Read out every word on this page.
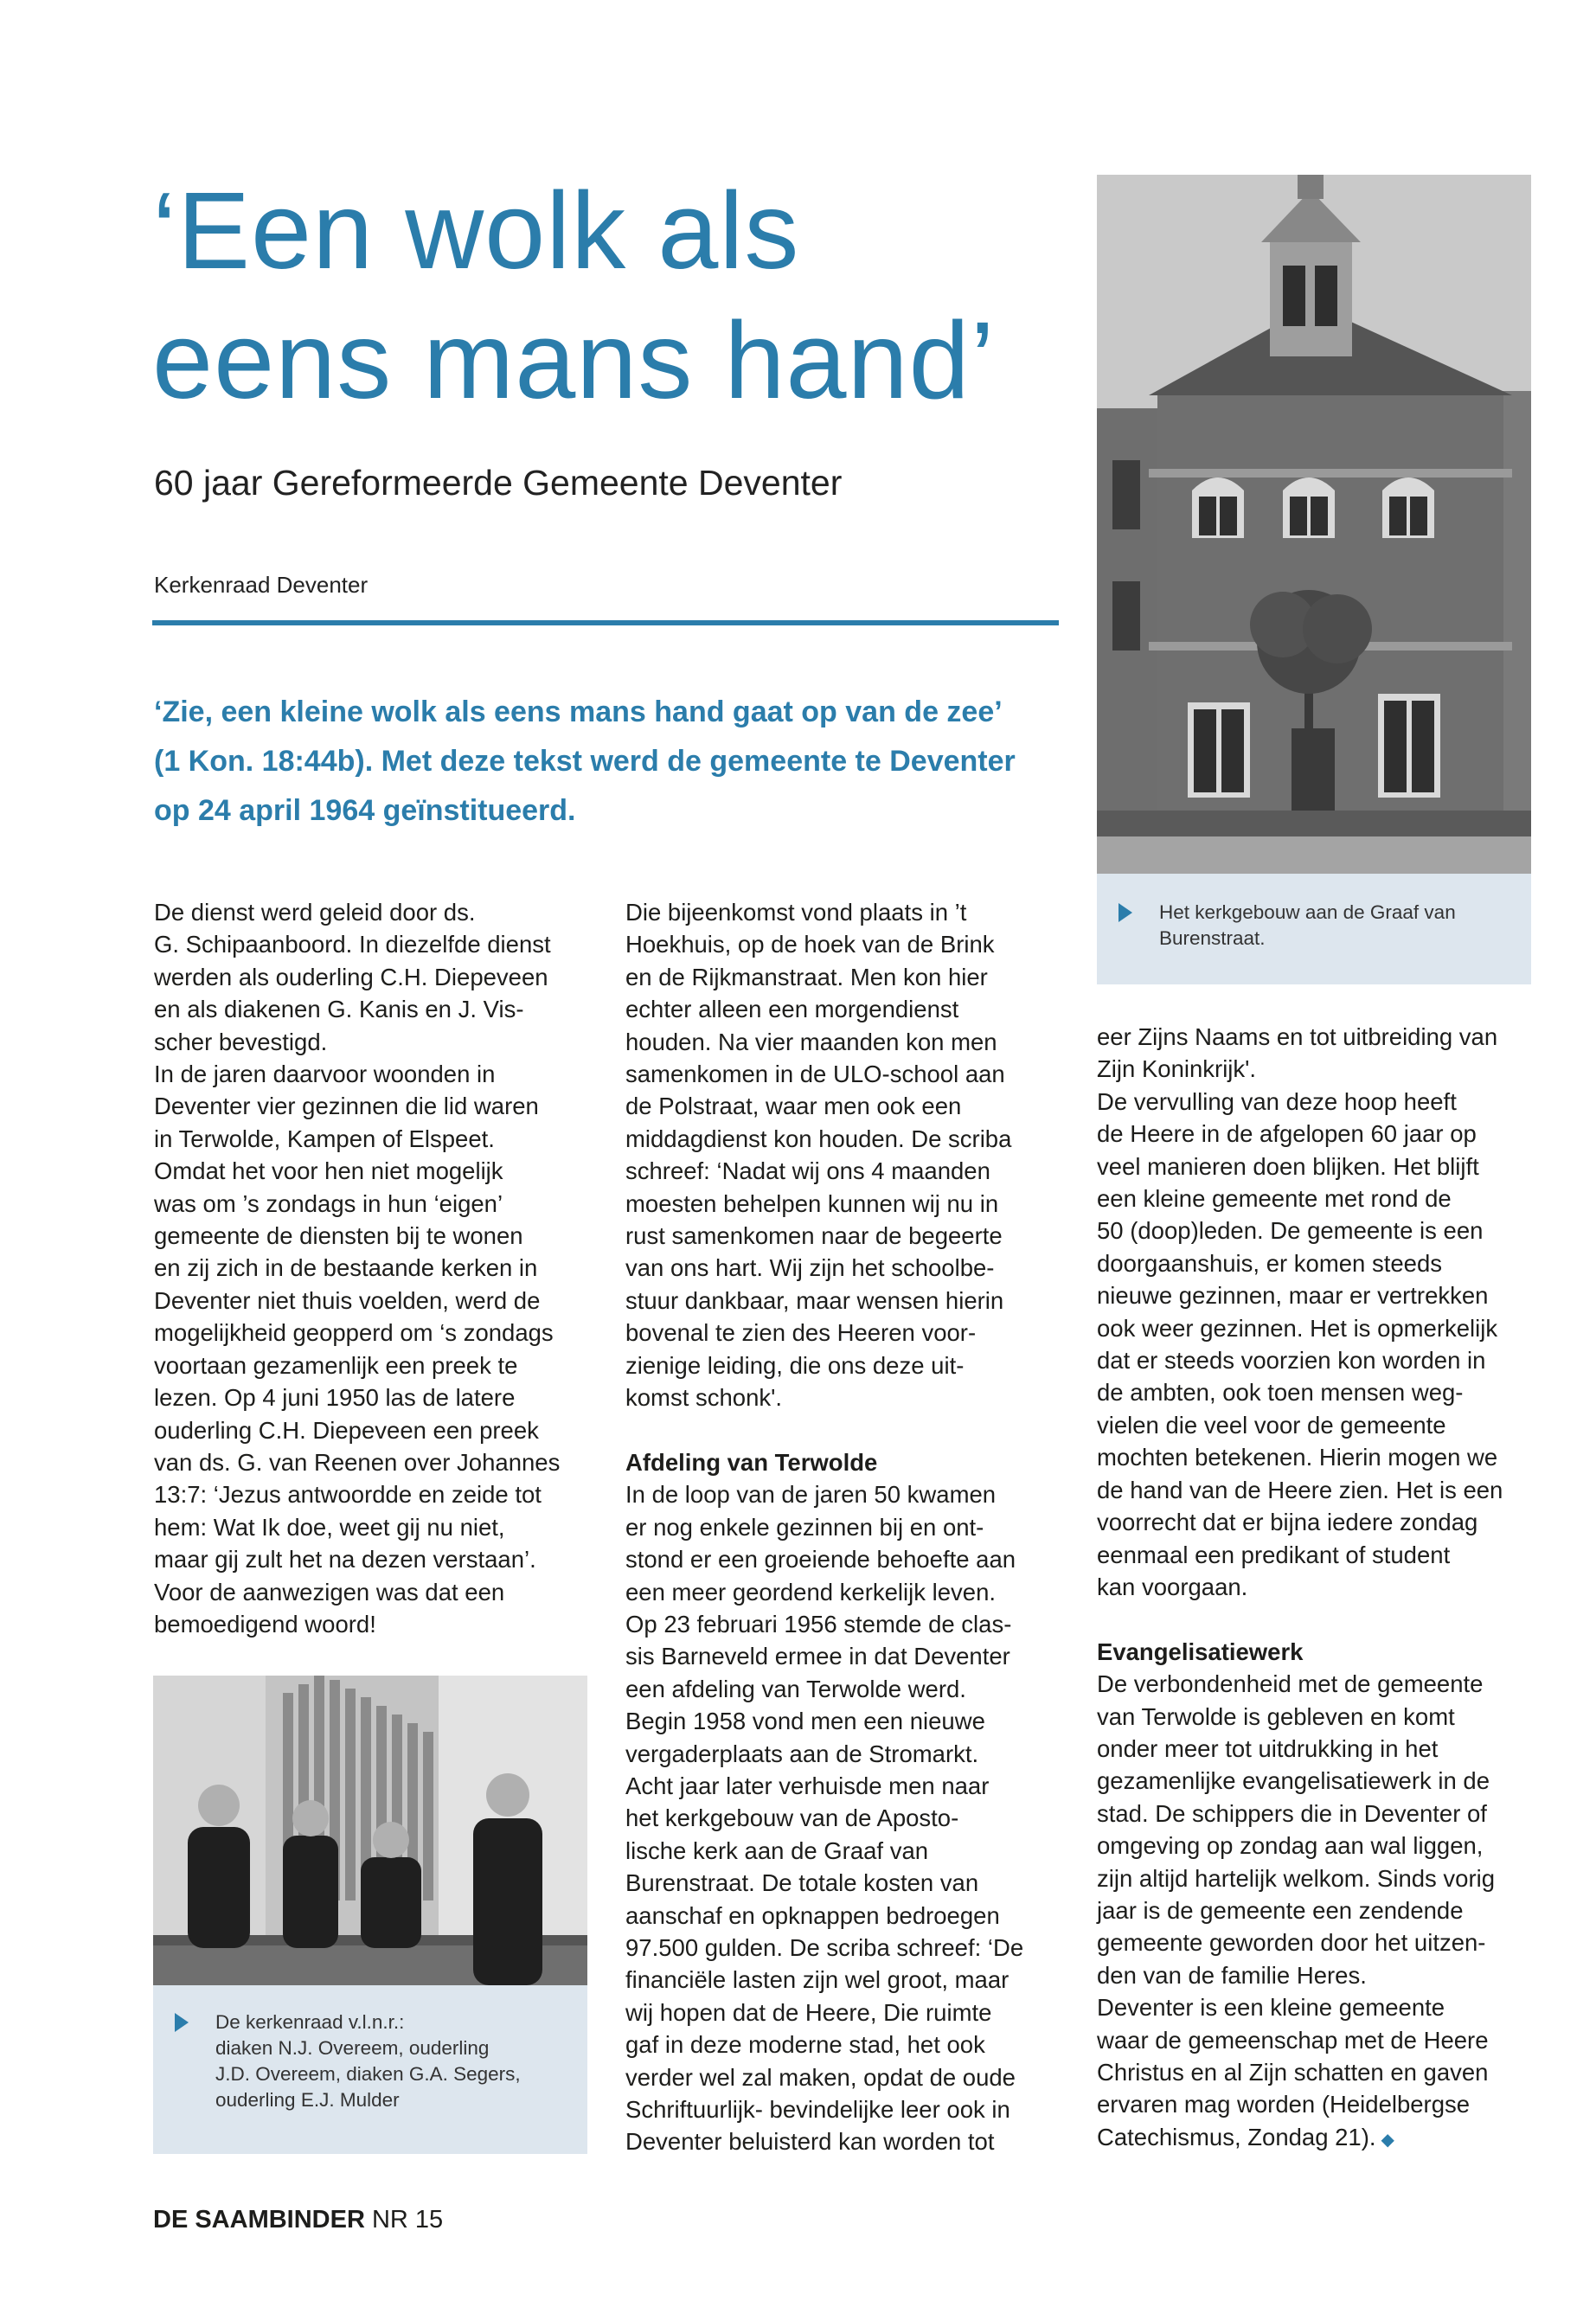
‘Een wolk als
eens mans hand’
60 jaar Gereformeerde Gemeente Deventer
Kerkenraad Deventer
‘Zie, een kleine wolk als eens mans hand gaat op van de zee’
(1 Kon. 18:44b). Met deze tekst werd de gemeente te Deventer
op 24 april 1964 geïnstitueerd.
Het kerkgebouw aan de Graaf van
Burenstraat.
De dienst werd geleid door ds.
G. Schipaanboord. In diezelfde dienst
werden als ouderling C.H. Diepeveen
en als diakenen G. Kanis en J. Vis-
scher bevestigd.
In de jaren daarvoor woonden in
Deventer vier gezinnen die lid waren
in Terwolde, Kampen of Elspeet.
Omdat het voor hen niet mogelijk
was om ’s zondags in hun ‘eigen’
gemeente de diensten bij te wonen
en zij zich in de bestaande kerken in
Deventer niet thuis voelden, werd de
mogelijkheid geopperd om ‘s zondags
voortaan gezamenlijk een preek te
lezen. Op 4 juni 1950 las de latere
ouderling C.H. Diepeveen een preek
van ds. G. van Reenen over Johannes
13:7: ‘Jezus antwoordde en zeide tot
hem: Wat Ik doe, weet gij nu niet,
maar gij zult het na dezen verstaan’.
Voor de aanwezigen was dat een
bemoedigend woord!
De kerkenraad v.l.n.r.:
diaken N.J. Overeem, ouderling
J.D. Overeem, diaken G.A. Segers,
ouderling E.J. Mulder
Die bijeenkomst vond plaats in ’t
Hoekhuis, op de hoek van de Brink
en de Rijkmanstraat. Men kon hier
echter alleen een morgendienst
houden. Na vier maanden kon men
samenkomen in de ULO-school aan
de Polstraat, waar men ook een
middagdienst kon houden. De scriba
schreef: ‘Nadat wij ons 4 maanden
moesten behelpen kunnen wij nu in
rust samenkomen naar de begeerte
van ons hart. Wij zijn het schoolbe-
stuur dankbaar, maar wensen hierin
bovenal te zien des Heeren voor-
zienige leiding, die ons deze uit-
komst schonk'.
Afdeling van Terwolde
In de loop van de jaren 50 kwamen
er nog enkele gezinnen bij en ont-
stond er een groeiende behoefte aan
een meer geordend kerkelijk leven.
Op 23 februari 1956 stemde de clas-
sis Barneveld ermee in dat Deventer
een afdeling van Terwolde werd.
Begin 1958 vond men een nieuwe
vergaderplaats aan de Stromarkt.
Acht jaar later verhuisde men naar
het kerkgebouw van de Aposto-
lische kerk aan de Graaf van
Burenstraat. De totale kosten van
aanschaf en opknappen bedroegen
97.500 gulden. De scriba schreef: ‘De
financiële lasten zijn wel groot, maar
wij hopen dat de Heere, Die ruimte
gaf in deze moderne stad, het ook
verder wel zal maken, opdat de oude
Schriftuurlijk- bevindelijke leer ook in
Deventer beluisterd kan worden tot
eer Zijns Naams en tot uitbreiding van
Zijn Koninkrijk'.
De vervulling van deze hoop heeft
de Heere in de afgelopen 60 jaar op
veel manieren doen blijken. Het blijft
een kleine gemeente met rond de
50 (doop)leden. De gemeente is een
doorgaanshuis, er komen steeds
nieuwe gezinnen, maar er vertrekken
ook weer gezinnen. Het is opmerkelijk
dat er steeds voorzien kon worden in
de ambten, ook toen mensen weg-
vielen die veel voor de gemeente
mochten betekenen. Hierin mogen we
de hand van de Heere zien. Het is een
voorrecht dat er bijna iedere zondag
eenmaal een predikant of student
kan voorgaan.
Evangelisatiewerk
De verbondenheid met de gemeente
van Terwolde is gebleven en komt
onder meer tot uitdrukking in het
gezamenlijke evangelisatiewerk in de
stad. De schippers die in Deventer of
omgeving op zondag aan wal liggen,
zijn altijd hartelijk welkom. Sinds vorig
jaar is de gemeente een zendende
gemeente geworden door het uitzen-
den van de familie Heres.
Deventer is een kleine gemeente
waar de gemeenschap met de Heere
Christus en al Zijn schatten en gaven
ervaren mag worden (Heidelbergse
Catechismus, Zondag 21). ◆
DE SAAMBINDER NR 15
